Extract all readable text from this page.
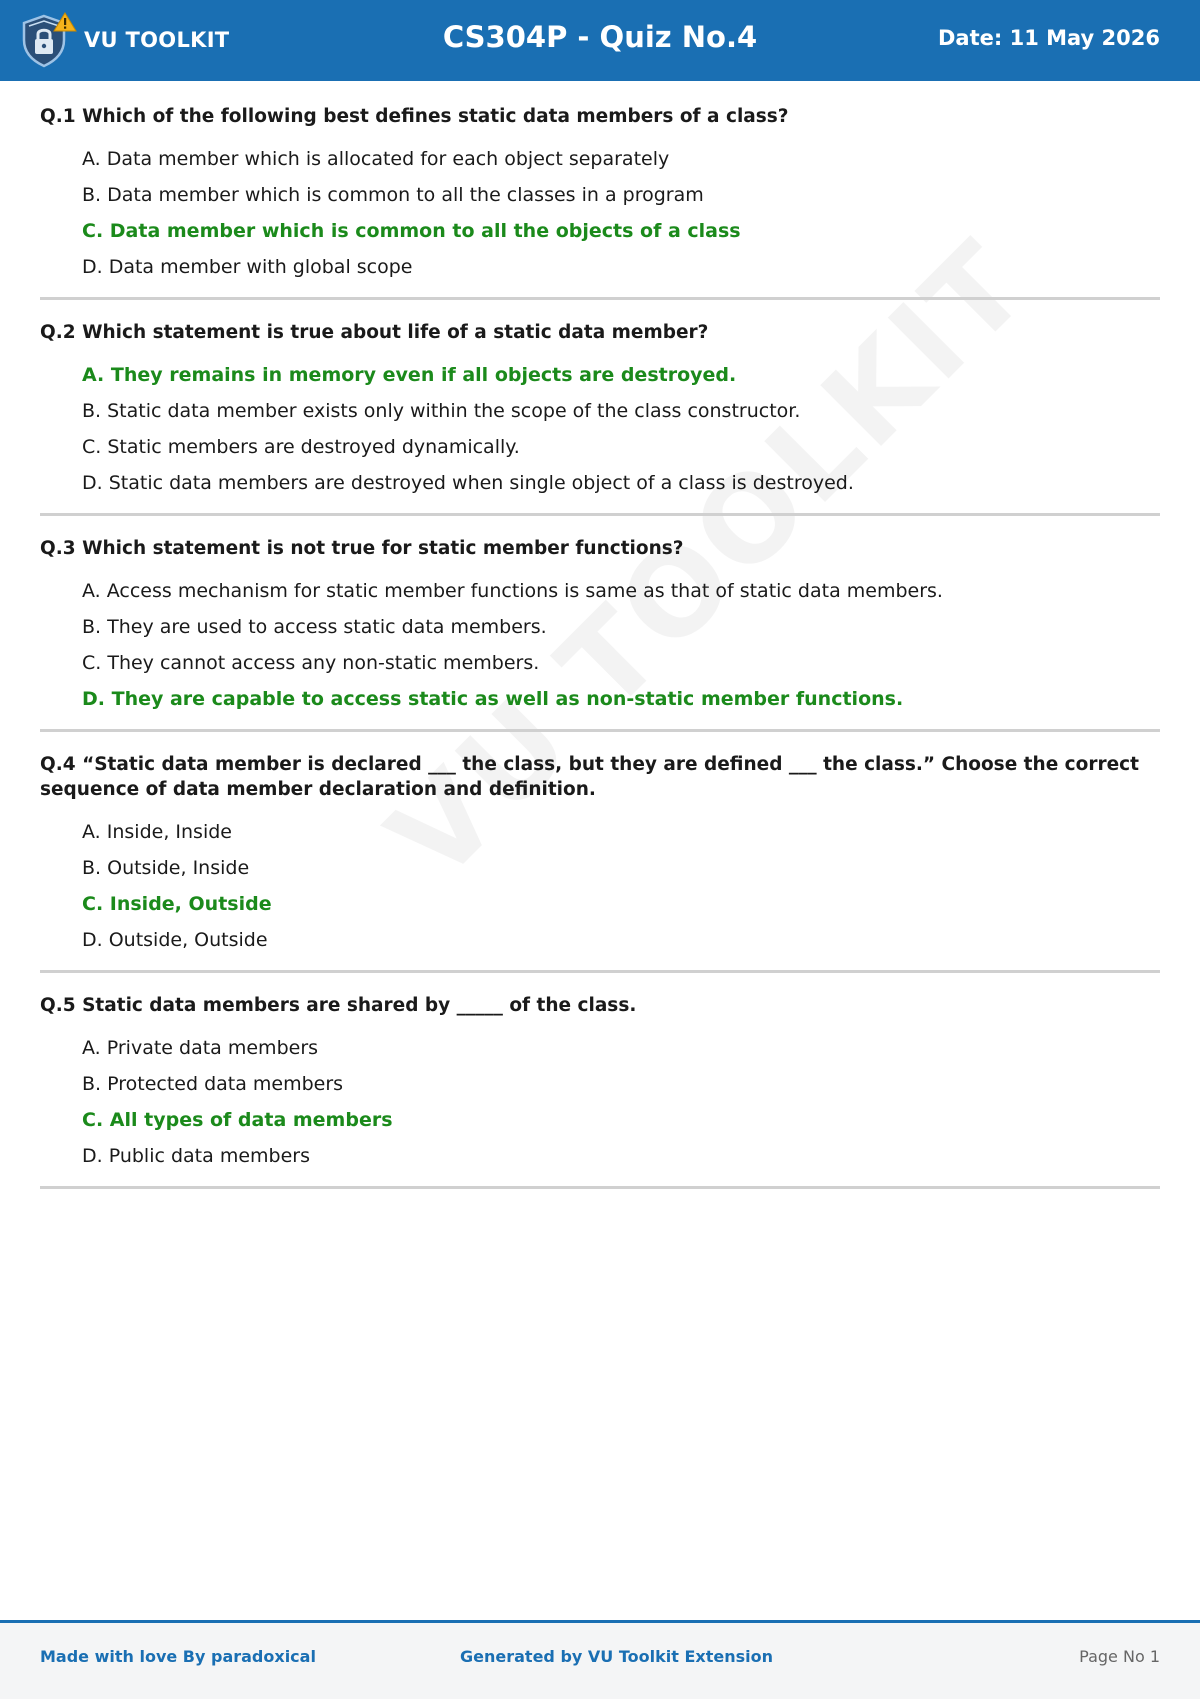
VU TOOLKIT	CS304P - Quiz No.4	Date: 11 May 2026
Q.1 Which of the following best defines static data members of a class?
A. Data member which is allocated for each object separately
B. Data member which is common to all the classes in a program
C. Data member which is common to all the objects of a class
D. Data member with global scope
Q.2 Which statement is true about life of a static data member?
A. They remains in memory even if all objects are destroyed.
B. Static data member exists only within the scope of the class constructor.
C. Static members are destroyed dynamically.
D. Static data members are destroyed when single object of a class is destroyed.
Q.3 Which statement is not true for static member functions?
A. Access mechanism for static member functions is same as that of static data members.
B. They are used to access static data members.
C. They cannot access any non-static members.
D. They are capable to access static as well as non-static member functions.
Q.4 “Static data member is declared ___ the class, but they are defined ___ the class.” Choose the correct sequence of data member declaration and definition.
A. Inside, Inside
B. Outside, Inside
C. Inside, Outside
D. Outside, Outside
Q.5 Static data members are shared by _____ of the class.
A. Private data members
B. Protected data members
C. All types of data members
D. Public data members
Made with love By paradoxical	Generated by VU Toolkit Extension	Page No 1
